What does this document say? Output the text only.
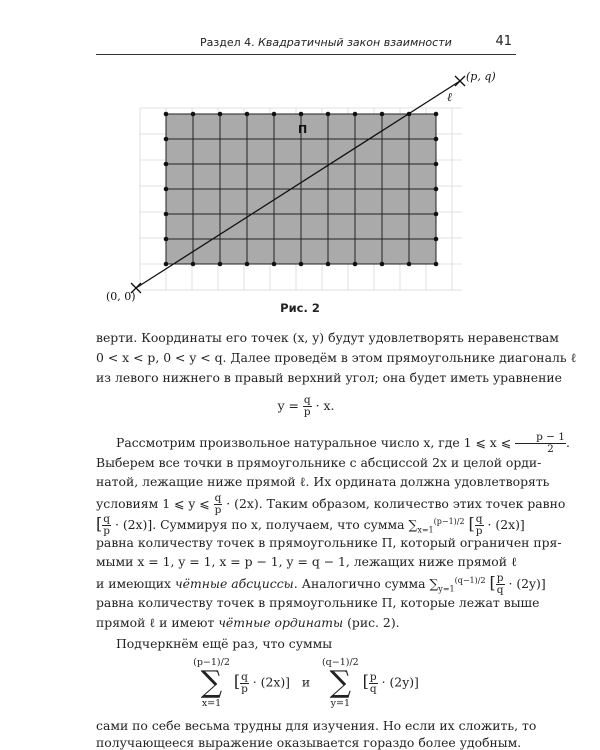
Раздел 4. Квадратичный закон взаимности	41
П
(0, 0)
(p, q)
ℓ
Рис. 2
верти. Координаты его точек (x, y) будут удовлетворять неравенствам
0 < x < p, 0 < y < q. Далее проведём в этом прямоугольнике диагональ ℓ
из левого нижнего в правый верхний угол; она будет иметь уравнение
$y = \frac{q}{p} \cdot x$.
Рассмотрим произвольное натуральное число x, где 1 ⩽ x ⩽ $\frac{p - 1}{2}$ .
Выберем все точки в прямоугольнике с абсциссой 2x и целой орди-
натой, лежащие ниже прямой ℓ. Их ордината должна удовлетворять
условиям 1 ⩽ y ⩽ $\frac{q}{p} \cdot (2x)$. Таким образом, количество этих точек равно
[ $\frac{q}{p} \cdot (2x)$]. Суммируя по x, получаем, что сумма $\sum_{x=1}^{(p-1)/2}$ [ $\frac{q}{p} \cdot (2x)$]
равна количеству точек в прямоугольнике П, который ограничен пря-
мыми x = 1, y = 1, x = p − 1, y = q − 1, лежащих ниже прямой ℓ
и имеющих чётные абсциссы. Аналогично сумма $\sum_{y=1}^{(q-1)/2}$ [ $\frac{p}{q} \cdot (2y)$]
равна количеству точек в прямоугольнике П, которые лежат выше
прямой ℓ и имеют чётные ординаты (рис. 2).
Подчеркнём ещё раз, что суммы
(p−1)/2
∑
x=1
[ $\frac{q}{p} \cdot (2x)$] и
(q−1)/2
∑
y=1
[ $\frac{p}{q} \cdot (2y)$]
сами по себе весьма трудны для изучения. Но если их сложить, то
получающееся выражение оказывается гораздо более удобным.
